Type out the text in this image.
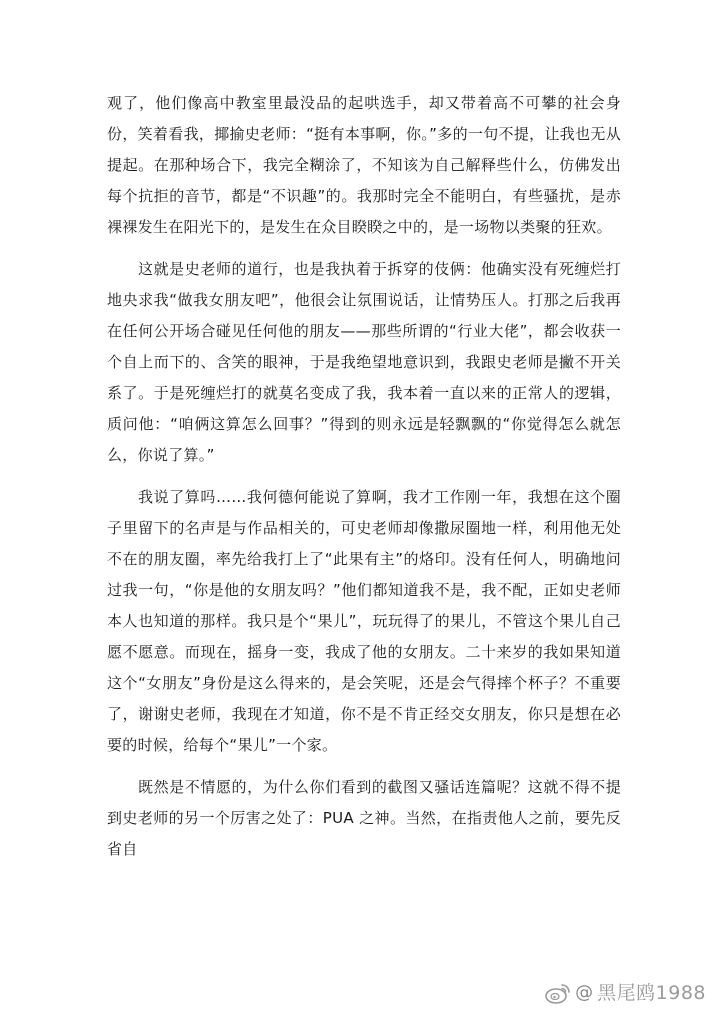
观了，他们像高中教室里最没品的起哄选手，却又带着高不可攀的社会身份，笑着看我，揶揄史老师：“挺有本事啊，你。”多的一句不提，让我也无从提起。在那种场合下，我完全糊涂了，不知该为自己解释些什么，仿佛发出每个抗拒的音节，都是“不识趣”的。我那时完全不能明白，有些骚扰，是赤裸裸发生在阳光下的，是发生在众目睽睽之中的，是一场物以类聚的狂欢。

这就是史老师的道行，也是我执着于拆穿的伎俩：他确实没有死缠烂打地央求我“做我女朋友吧”，他很会让氛围说话，让情势压人。打那之后我再在任何公开场合碰见任何他的朋友——那些所谓的“行业大佬”，都会收获一个自上而下的、含笑的眼神，于是我绝望地意识到，我跟史老师是撇不开关系了。于是死缠烂打的就莫名变成了我，我本着一直以来的正常人的逻辑，质问他：“咱俩这算怎么回事？”得到的则永远是轻飘飘的“你觉得怎么就怎么，你说了算。”

我说了算吗……我何德何能说了算啊，我才工作刚一年，我想在这个圈子里留下的名声是与作品相关的，可史老师却像撒尿圈地一样，利用他无处不在的朋友圈，率先给我打上了“此果有主”的烙印。没有任何人，明确地问过我一句，“你是他的女朋友吗？”他们都知道我不是，我不配，正如史老师本人也知道的那样。我只是个“果儿”，玩玩得了的果儿，不管这个果儿自己愿不愿意。而现在，摇身一变，我成了他的女朋友。二十来岁的我如果知道这个“女朋友”身份是这么得来的，是会笑呢，还是会气得摔个杯子？不重要了，谢谢史老师，我现在才知道，你不是不肯正经交女朋友，你只是想在必要的时候，给每个“果儿”一个家。

既然是不情愿的，为什么你们看到的截图又骚话连篇呢？这就不得不提到史老师的另一个厉害之处了：PUA 之神。当然，在指责他人之前，要先反省自

@ 黑尾鸥1988
